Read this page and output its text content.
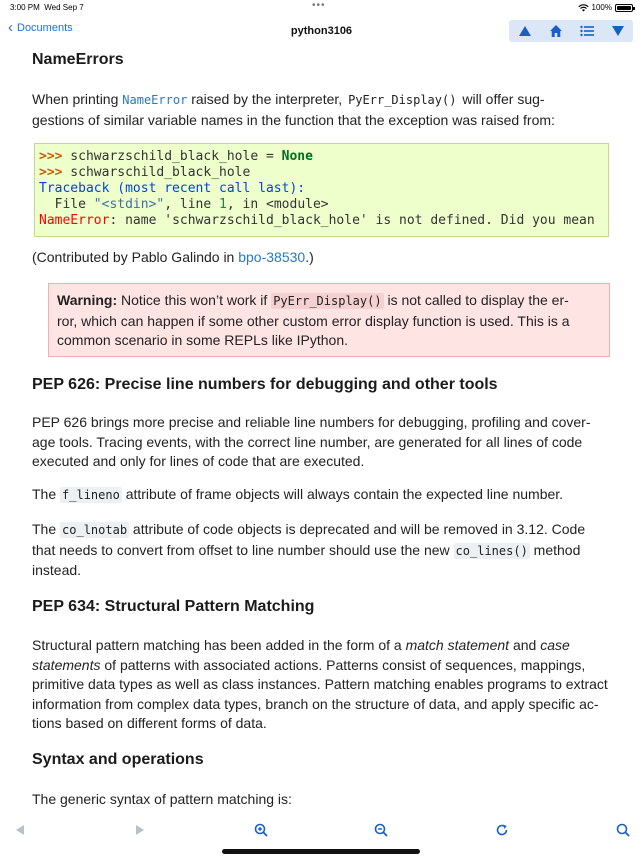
3:00 PM Wed Sep 7	•••	100%
‹ Documents	python3106
NameErrors

When printing NameError raised by the interpreter, PyErr_Display() will offer sug-
gestions of similar variable names in the function that the exception was raised from:

>>> schwarzschild_black_hole = None
>>> schwarschild_black_hole
Traceback (most recent call last):
File "<stdin>", line 1, in <module>
NameError: name 'schwarzschild_black_hole' is not defined. Did you mean

(Contributed by Pablo Galindo in bpo-38530.)

Warning: Notice this won’t work if PyErr_Display() is not called to display the er-
ror, which can happen if some other custom error display function is used. This is a
common scenario in some REPLs like IPython.
PEP 626: Precise line numbers for debugging and other tools

PEP 626 brings more precise and reliable line numbers for debugging, profiling and cover-
age tools. Tracing events, with the correct line number, are generated for all lines of code
executed and only for lines of code that are executed.

The f_lineno attribute of frame objects will always contain the expected line number.

The co_lnotab attribute of code objects is deprecated and will be removed in 3.12. Code
that needs to convert from offset to line number should use the new co_lines() method
instead.

PEP 634: Structural Pattern Matching

Structural pattern matching has been added in the form of a match statement and case
statements of patterns with associated actions. Patterns consist of sequences, mappings,
primitive data types as well as class instances. Pattern matching enables programs to extract
information from complex data types, branch on the structure of data, and apply specific ac-
tions based on different forms of data.

Syntax and operations

The generic syntax of pattern matching is:
